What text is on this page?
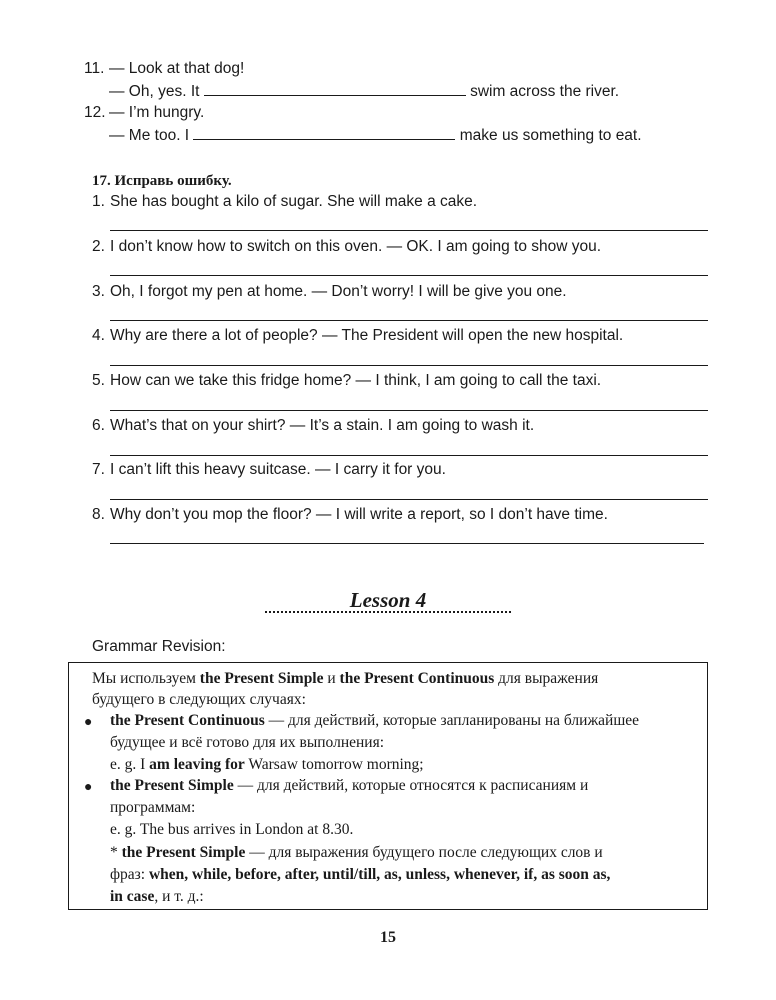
11. — Look at that dog!
— Oh, yes. It	swim across the river.
12. — I’m hungry.
— Me too. I	make us something to eat.
17. Исправь ошибку.
1. She has bought a kilo of sugar. She will make a cake.
2. I don’t know how to switch on this oven. — OK. I am going to show you.
3. Oh, I forgot my pen at home. — Don’t worry! I will be give you one.
4. Why are there a lot of people? — The President will open the new hospital.
5. How can we take this fridge home? — I think, I am going to call the taxi.
6. What’s that on your shirt? — It’s a stain. I am going to wash it.
7. I can’t lift this heavy suitcase. — I carry it for you.
8. Why don’t you mop the floor? — I will write a report, so I don’t have time.
Lesson 4
Grammar Revision:
Мы используем the Present Simple и the Present Continuous для выражения
будущего в следующих случаях:
● the Present Continuous — для действий, которые запланированы на ближайшее
будущее и всё готово для их выполнения:
e. g. I am leaving for Warsaw tomorrow morning;
● the Present Simple — для действий, которые относятся к расписаниям и
программам:
e. g. The bus arrives in London at 8.30.
* the Present Simple — для выражения будущего после следующих слов и
фраз: when, while, before, after, until/till, as, unless, whenever, if, as soon as,
in case, и т. д.:
15
